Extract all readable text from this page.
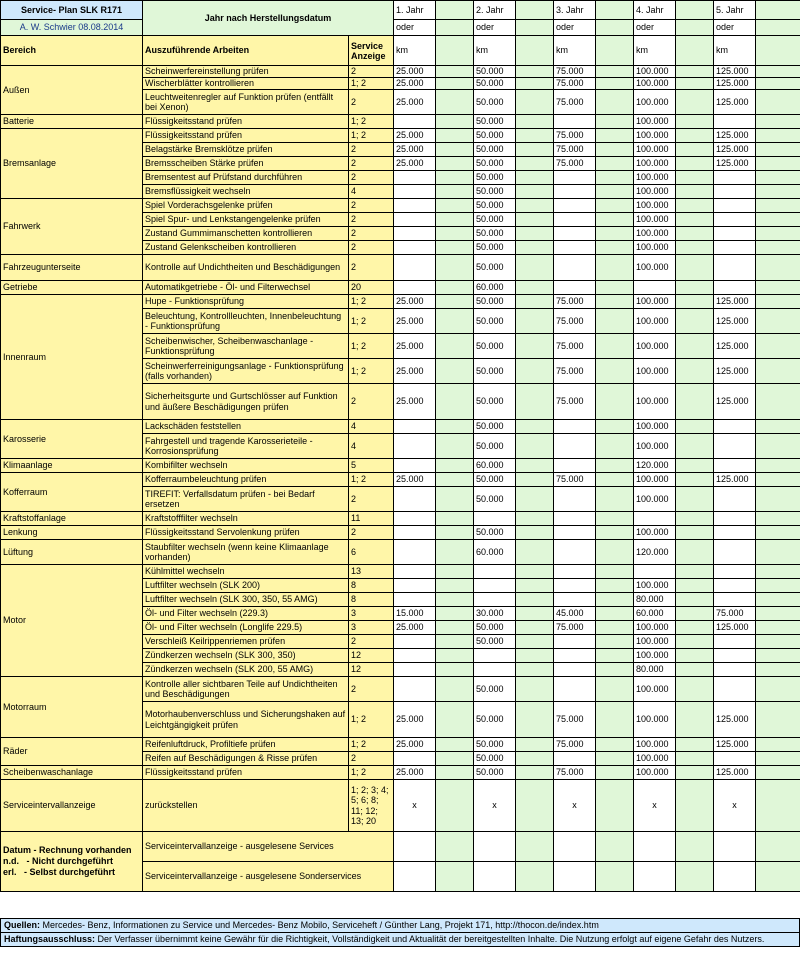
Service- Plan SLK R171	Jahr nach Herstellungsdatum		1. Jahr		2. Jahr		3. Jahr		4. Jahr		5. Jahr	
A. W. Schwier 08.08.2014			oder		oder		oder		oder		oder	
Bereich	Auszuführende Arbeiten	Service Anzeige	km		km		km		km		km	
Außen	Scheinwerfereinstellung prüfen	2	25.000		50.000		75.000		100.000		125.000	
	Wischerblätter kontrollieren	1; 2	25.000		50.000		75.000		100.000		125.000	
	Leuchtweitenregler auf Funktion prüfen (entfällt bei Xenon)	2	25.000		50.000		75.000		100.000		125.000	
Batterie	Flüssigkeitsstand prüfen	1; 2			50.000				100.000			
Bremsanlage	Flüssigkeitsstand prüfen	1; 2	25.000		50.000		75.000		100.000		125.000	
	Belagstärke Bremsklötze prüfen	2	25.000		50.000		75.000		100.000		125.000	
	Bremsscheiben Stärke prüfen	2	25.000		50.000		75.000		100.000		125.000	
	Bremsentest auf Prüfstand durchführen	2			50.000				100.000			
	Bremsflüssigkeit wechseln	4			50.000				100.000			
Fahrwerk	Spiel Vorderachsgelenke prüfen	2			50.000				100.000			
	Spiel Spur- und Lenkstangengelenke prüfen	2			50.000				100.000			
	Zustand Gummimanschetten kontrollieren	2			50.000				100.000			
	Zustand Gelenkscheiben kontrollieren	2			50.000				100.000			
Fahrzeugunterseite	Kontrolle auf Undichtheiten und Beschädigungen	2			50.000				100.000			
Getriebe	Automatikgetriebe - Öl- und Filterwechsel	20			60.000							
Innenraum	Hupe - Funktionsprüfung	1; 2	25.000		50.000		75.000		100.000		125.000	
	Beleuchtung, Kontrollleuchten, Innenbeleuchtung - Funktionsprüfung	1; 2	25.000		50.000		75.000		100.000		125.000	
	Scheibenwischer, Scheibenwaschanlage - Funktionsprüfung	1; 2	25.000		50.000		75.000		100.000		125.000	
	Scheinwerferreinigungsanlage - Funktionsprüfung (falls vorhanden)	1; 2	25.000		50.000		75.000		100.000		125.000	
	Sicherheitsgurte und Gurtschlösser auf Funktion und äußere Beschädigungen prüfen	2	25.000		50.000		75.000		100.000		125.000	
Karosserie	Lackschäden feststellen	4			50.000				100.000			
	Fahrgestell und tragende Karosserieteile - Korrosionsprüfung	4			50.000				100.000			
Klimaanlage	Kombifilter wechseln	5			60.000				120.000			
Kofferraum	Kofferraumbeleuchtung prüfen	1; 2	25.000		50.000		75.000		100.000		125.000	
	TIREFIT: Verfallsdatum prüfen - bei Bedarf ersetzen	2			50.000				100.000			
Kraftstoffanlage	Kraftstofffilter wechseln	11										
Lenkung	Flüssigkeitsstand Servolenkung prüfen	2			50.000				100.000			
Lüftung	Staubfilter wechseln (wenn keine Klimaanlage vorhanden)	6			60.000				120.000			
Motor	Kühlmittel wechseln	13										
	Luftfilter wechseln (SLK 200)	8							100.000			
	Luftfilter wechseln (SLK 300, 350, 55 AMG)	8							80.000			
	Öl- und Filter wechseln (229.3)	3	15.000		30.000		45.000		60.000		75.000	
	Öl- und Filter wechseln (Longlife 229.5)	3	25.000		50.000		75.000		100.000		125.000	
	Verschleiß Keilrippenriemen prüfen	2			50.000				100.000			
	Zündkerzen wechseln (SLK 300, 350)	12							100.000			
	Zündkerzen wechseln (SLK 200, 55 AMG)	12							80.000			
Motorraum	Kontrolle aller sichtbaren Teile auf Undichtheiten und Beschädigungen	2			50.000				100.000			
	Motorhaubenverschluss und Sicherungshaken auf Leichtgängigkeit prüfen	1; 2	25.000		50.000		75.000		100.000		125.000	
Räder	Reifenluftdruck, Profiltiefe prüfen	1; 2	25.000		50.000		75.000		100.000		125.000	
	Reifen auf Beschädigungen & Risse prüfen	2			50.000				100.000			
Scheibenwaschanlage	Flüssigkeitsstand prüfen	1; 2	25.000		50.000		75.000		100.000		125.000	
Serviceintervallanzeige	zurückstellen	1; 2; 3; 4; 5; 6; 8; 11; 12; 13; 20	x		x		x		x		x	

Datum - Rechnung vorhanden
n.d.   - Nicht durchgeführt
erl.   - Selbst durchgeführt	Serviceintervallanzeige - ausgelesene Services											
	Serviceintervallanzeige - ausgelesene Sonderservices											
Quellen: Mercedes- Benz, Informationen zu Service und Mercedes- Benz Mobilo, Serviceheft / Günther Lang, Projekt 171, http://thocon.de/index.htm
Haftungsausschluss: Der Verfasser übernimmt keine Gewähr für die Richtigkeit, Vollständigkeit und Aktualität der bereitgestellten Inhalte. Die Nutzung erfolgt auf eigene Gefahr des Nutzers.
